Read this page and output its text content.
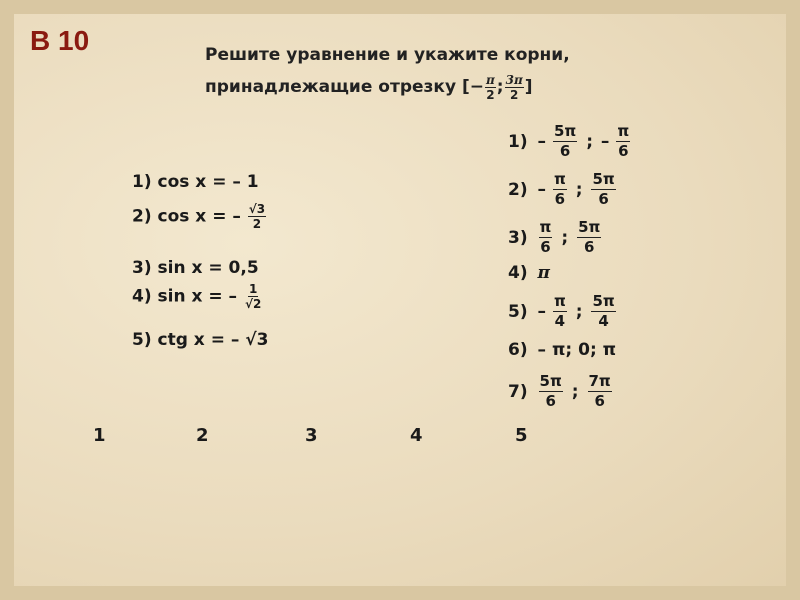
В 10	Решите уравнение и укажите корни,
принадлежащие отрезку [− $\frac{\pi}{2}$ ; $\frac{3\pi}{2}$ ]
1) cos x = – 1
2) cos x = – $\frac{√3}{2}$
3) sin x = 0,5
4) sin x = – $\frac{1}{√2}$
5) ctg x = – √3
$1) - \frac{5\pi}{6}$ ; – $\frac{\pi}{6}$
$2) - \frac{\pi}{6}$ ; $\frac{5\pi}{6}$
$3) \frac{\pi}{6}$ ; $\frac{5\pi}{6}$
4) π
$5) - \frac{\pi}{4}$ ; $\frac{5\pi}{4}$
6) – π; 0; π
$7) \frac{5\pi}{6}$ ; $\frac{7\pi}{6}$
1	2	3	4	5
